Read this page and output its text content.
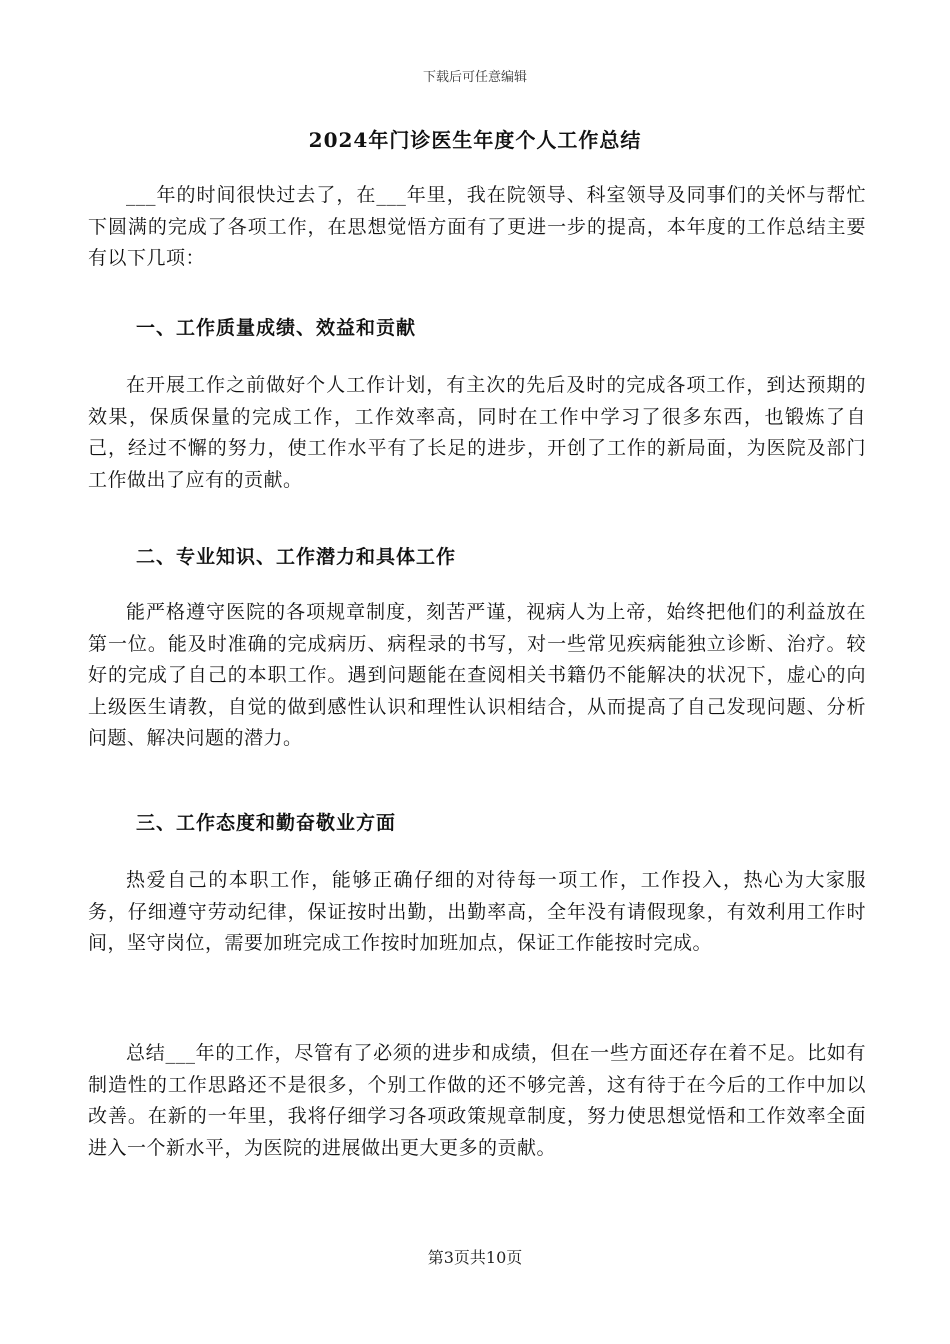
下载后可任意编辑
2024年门诊医生年度个人工作总结

___年的时间很快过去了，在___年里，我在院领导、科室领导及同事们的关怀与帮忙下圆满的完成了各项工作，在思想觉悟方面有了更进一步的提高，本年度的工作总结主要有以下几项：

一、工作质量成绩、效益和贡献

在开展工作之前做好个人工作计划，有主次的先后及时的完成各项工作，到达预期的效果，保质保量的完成工作，工作效率高，同时在工作中学习了很多东西，也锻炼了自己，经过不懈的努力，使工作水平有了长足的进步，开创了工作的新局面，为医院及部门工作做出了应有的贡献。

二、专业知识、工作潜力和具体工作

能严格遵守医院的各项规章制度，刻苦严谨，视病人为上帝，始终把他们的利益放在第一位。能及时准确的完成病历、病程录的书写，对一些常见疾病能独立诊断、治疗。较好的完成了自己的本职工作。遇到问题能在查阅相关书籍仍不能解决的状况下，虚心的向上级医生请教，自觉的做到感性认识和理性认识相结合，从而提高了自己发现问题、分析问题、解决问题的潜力。

三、工作态度和勤奋敬业方面

热爱自己的本职工作，能够正确仔细的对待每一项工作，工作投入，热心为大家服务，仔细遵守劳动纪律，保证按时出勤，出勤率高，全年没有请假现象，有效利用工作时间，坚守岗位，需要加班完成工作按时加班加点，保证工作能按时完成。

总结___年的工作，尽管有了必须的进步和成绩，但在一些方面还存在着不足。比如有制造性的工作思路还不是很多，个别工作做的还不够完善，这有待于在今后的工作中加以改善。在新的一年里，我将仔细学习各项政策规章制度，努力使思想觉悟和工作效率全面进入一个新水平，为医院的进展做出更大更多的贡献。

第3页共10页
